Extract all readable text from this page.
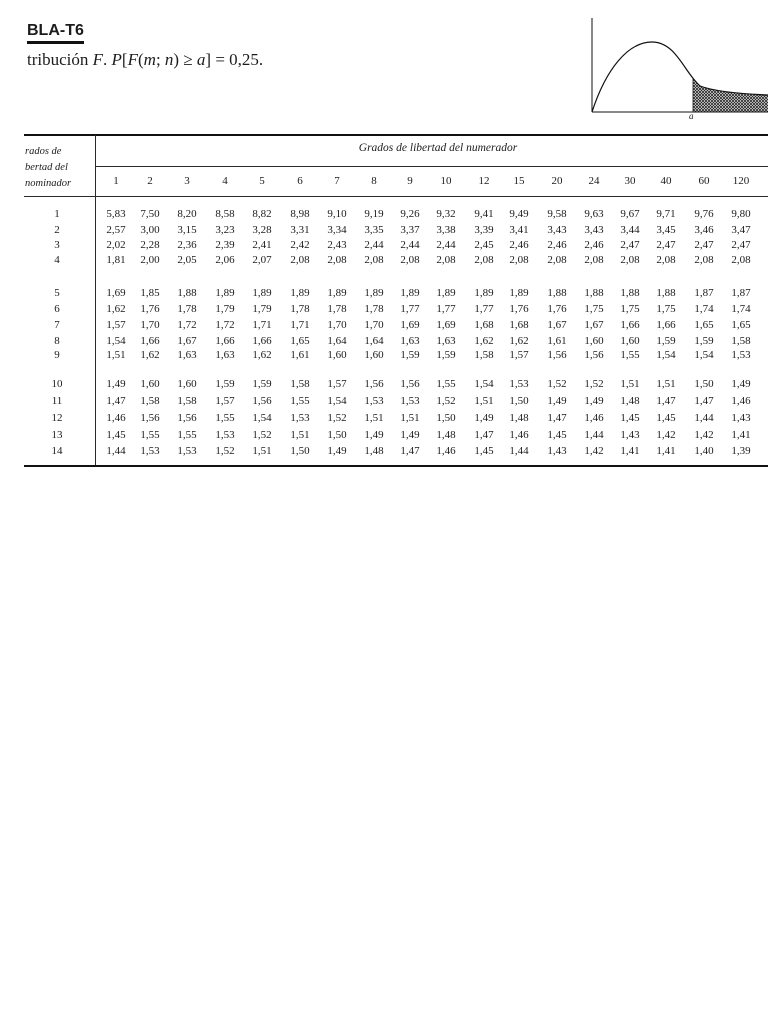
BLA-T6
tribución F. P[F(m; n) ≥ a] = 0,25.
a
rados de
bertad del
nominador
Grados de libertad del numerador
1	2	3	4	5	6	7	8	9	10	12	15	20	24	30	40	60	120
1	5,83	7,50	8,20	8,58	8,82	8,98	9,10	9,19	9,26	9,32	9,41	9,49	9,58	9,63	9,67	9,71	9,76	9,80
2	2,57	3,00	3,15	3,23	3,28	3,31	3,34	3,35	3,37	3,38	3,39	3,41	3,43	3,43	3,44	3,45	3,46	3,47
3	2,02	2,28	2,36	2,39	2,41	2,42	2,43	2,44	2,44	2,44	2,45	2,46	2,46	2,46	2,47	2,47	2,47	2,47
4	1,81	2,00	2,05	2,06	2,07	2,08	2,08	2,08	2,08	2,08	2,08	2,08	2,08	2,08	2,08	2,08	2,08	2,08
5	1,69	1,85	1,88	1,89	1,89	1,89	1,89	1,89	1,89	1,89	1,89	1,89	1,88	1,88	1,88	1,88	1,87	1,87
6	1,62	1,76	1,78	1,79	1,79	1,78	1,78	1,78	1,77	1,77	1,77	1,76	1,76	1,75	1,75	1,75	1,74	1,74
7	1,57	1,70	1,72	1,72	1,71	1,71	1,70	1,70	1,69	1,69	1,68	1,68	1,67	1,67	1,66	1,66	1,65	1,65
8	1,54	1,66	1,67	1,66	1,66	1,65	1,64	1,64	1,63	1,63	1,62	1,62	1,61	1,60	1,60	1,59	1,59	1,58
9	1,51	1,62	1,63	1,63	1,62	1,61	1,60	1,60	1,59	1,59	1,58	1,57	1,56	1,56	1,55	1,54	1,54	1,53
10	1,49	1,60	1,60	1,59	1,59	1,58	1,57	1,56	1,56	1,55	1,54	1,53	1,52	1,52	1,51	1,51	1,50	1,49
11	1,47	1,58	1,58	1,57	1,56	1,55	1,54	1,53	1,53	1,52	1,51	1,50	1,49	1,49	1,48	1,47	1,47	1,46
12	1,46	1,56	1,56	1,55	1,54	1,53	1,52	1,51	1,51	1,50	1,49	1,48	1,47	1,46	1,45	1,45	1,44	1,43
13	1,45	1,55	1,55	1,53	1,52	1,51	1,50	1,49	1,49	1,48	1,47	1,46	1,45	1,44	1,43	1,42	1,42	1,41
14	1,44	1,53	1,53	1,52	1,51	1,50	1,49	1,48	1,47	1,46	1,45	1,44	1,43	1,42	1,41	1,41	1,40	1,39
